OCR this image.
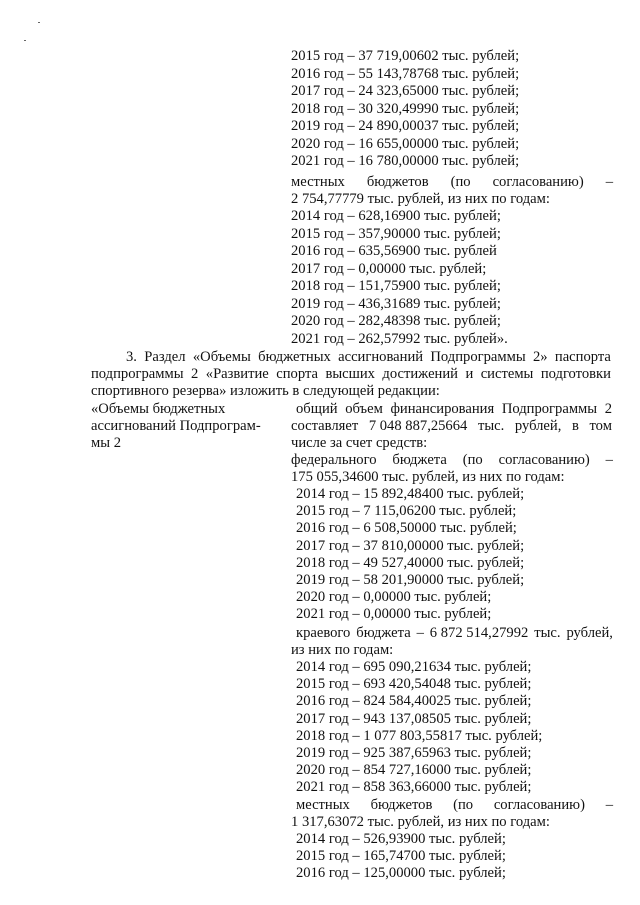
2015 год – 37 719,00602 тыс. рублей;
2016 год – 55 143,78768 тыс. рублей;
2017 год – 24 323,65000 тыс. рублей;
2018 год – 30 320,49990 тыс. рублей;
2019 год – 24 890,00037 тыс. рублей;
2020 год – 16 655,00000 тыс. рублей;
2021 год – 16 780,00000 тыс. рублей;
местных бюджетов (по согласованию) –
2 754,77779 тыс. рублей, из них по годам:
2014 год – 628,16900 тыс. рублей;
2015 год – 357,90000 тыс. рублей;
2016 год – 635,56900 тыс. рублей
2017 год – 0,00000 тыс. рублей;
2018 год – 151,75900 тыс. рублей;
2019 год – 436,31689 тыс. рублей;
2020 год – 282,48398 тыс. рублей;
2021 год – 262,57992 тыс. рублей».
3. Раздел «Объемы бюджетных ассигнований Подпрограммы 2» паспорта
подпрограммы 2 «Развитие спорта высших достижений и системы подготовки
спортивного резерва» изложить в следующей редакции:
«Объемы бюджетных
ассигнований Подпрограм-
мы 2
общий объем финансирования Подпрограммы 2
составляет 7 048 887,25664 тыс. рублей, в том
числе за счет средств:
федерального бюджета (по согласованию) –
175 055,34600 тыс. рублей, из них по годам:
2014 год – 15 892,48400 тыс. рублей;
2015 год – 7 115,06200 тыс. рублей;
2016 год – 6 508,50000 тыс. рублей;
2017 год – 37 810,00000 тыс. рублей;
2018 год – 49 527,40000 тыс. рублей;
2019 год – 58 201,90000 тыс. рублей;
2020 год – 0,00000 тыс. рублей;
2021 год – 0,00000 тыс. рублей;
краевого бюджета – 6 872 514,27992 тыс. рублей,
из них по годам:
2014 год – 695 090,21634 тыс. рублей;
2015 год – 693 420,54048 тыс. рублей;
2016 год – 824 584,40025 тыс. рублей;
2017 год – 943 137,08505 тыс. рублей;
2018 год – 1 077 803,55817 тыс. рублей;
2019 год – 925 387,65963 тыс. рублей;
2020 год – 854 727,16000 тыс. рублей;
2021 год – 858 363,66000 тыс. рублей;
местных бюджетов (по согласованию) –
1 317,63072 тыс. рублей, из них по годам:
2014 год – 526,93900 тыс. рублей;
2015 год – 165,74700 тыс. рублей;
2016 год – 125,00000 тыс. рублей;
